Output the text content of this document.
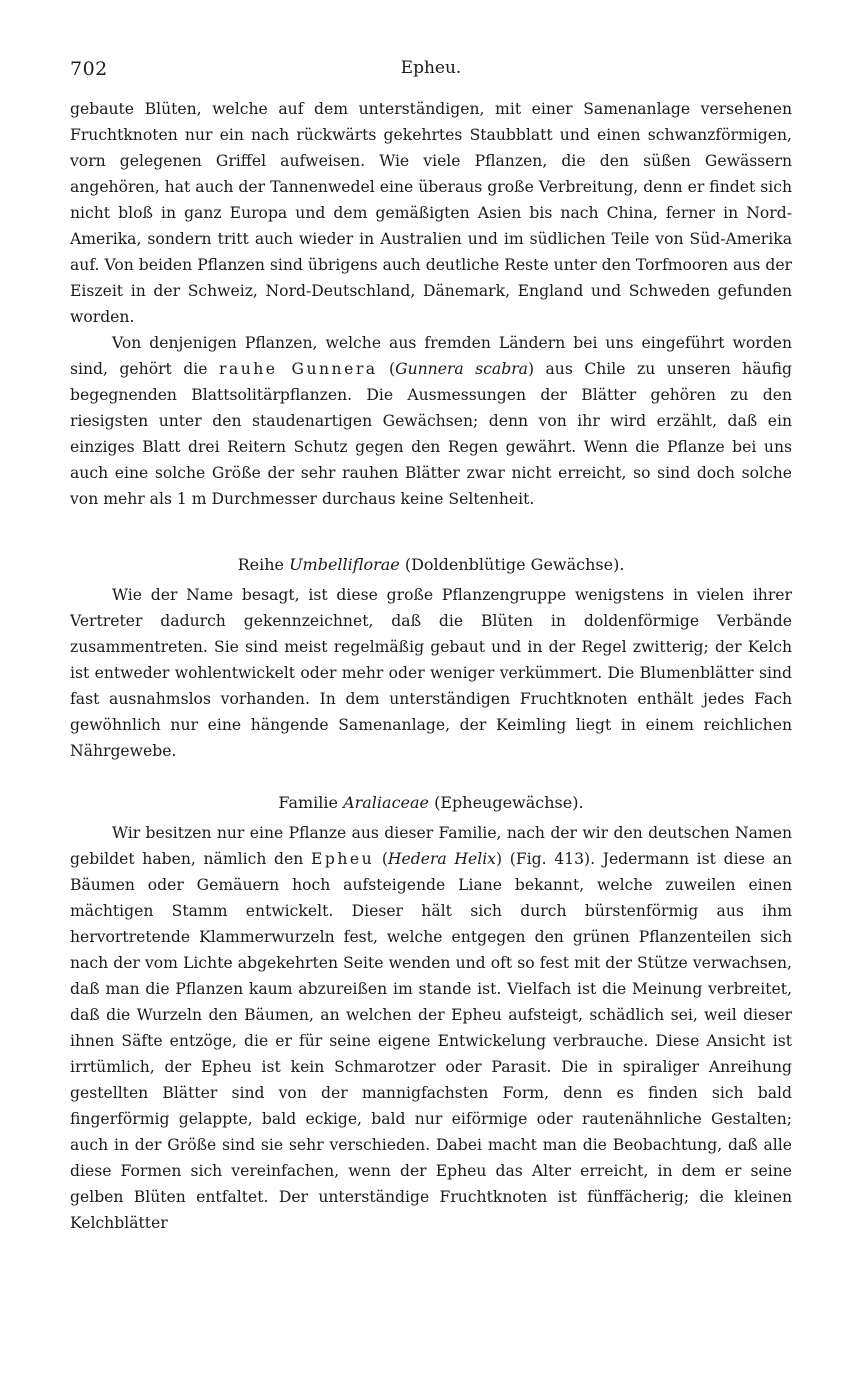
702	Epheu.

gebaute Blüten, welche auf dem unterständigen, mit einer Samenanlage versehenen Fruchtknoten nur ein nach rückwärts gekehrtes Staubblatt und einen schwanzförmigen, vorn gelegenen Griffel aufweisen. Wie viele Pflanzen, die den süßen Gewässern angehören, hat auch der Tannenwedel eine überaus große Verbreitung, denn er findet sich nicht bloß in ganz Europa und dem gemäßigten Asien bis nach China, ferner in Nord-Amerika, sondern tritt auch wieder in Australien und im südlichen Teile von Süd-Amerika auf. Von beiden Pflanzen sind übrigens auch deutliche Reste unter den Torfmooren aus der Eiszeit in der Schweiz, Nord-Deutschland, Dänemark, England und Schweden gefunden worden.

Von denjenigen Pflanzen, welche aus fremden Ländern bei uns eingeführt worden sind, gehört die rauhe Gunnera (Gunnera scabra) aus Chile zu unseren häufig begegnenden Blattsolitärpflanzen. Die Ausmessungen der Blätter gehören zu den riesigsten unter den staudenartigen Gewächsen; denn von ihr wird erzählt, daß ein einziges Blatt drei Reitern Schutz gegen den Regen gewährt. Wenn die Pflanze bei uns auch eine solche Größe der sehr rauhen Blätter zwar nicht erreicht, so sind doch solche von mehr als 1 m Durchmesser durchaus keine Seltenheit.

Reihe Umbelliflorae (Doldenblütige Gewächse).

Wie der Name besagt, ist diese große Pflanzengruppe wenigstens in vielen ihrer Vertreter dadurch gekennzeichnet, daß die Blüten in doldenförmige Verbände zusammentreten. Sie sind meist regelmäßig gebaut und in der Regel zwitterig; der Kelch ist entweder wohlentwickelt oder mehr oder weniger verkümmert. Die Blumenblätter sind fast ausnahmslos vorhanden. In dem unterständigen Fruchtknoten enthält jedes Fach gewöhnlich nur eine hängende Samenanlage, der Keimling liegt in einem reichlichen Nährgewebe.

Familie Araliaceae (Epheugewächse).

Wir besitzen nur eine Pflanze aus dieser Familie, nach der wir den deutschen Namen gebildet haben, nämlich den Epheu (Hedera Helix) (Fig. 413). Jedermann ist diese an Bäumen oder Gemäuern hoch aufsteigende Liane bekannt, welche zuweilen einen mächtigen Stamm entwickelt. Dieser hält sich durch bürstenförmig aus ihm hervortretende Klammerwurzeln fest, welche entgegen den grünen Pflanzenteilen sich nach der vom Lichte abgekehrten Seite wenden und oft so fest mit der Stütze verwachsen, daß man die Pflanzen kaum abzureißen im stande ist. Vielfach ist die Meinung verbreitet, daß die Wurzeln den Bäumen, an welchen der Epheu aufsteigt, schädlich sei, weil dieser ihnen Säfte entzöge, die er für seine eigene Entwickelung verbrauche. Diese Ansicht ist irrtümlich, der Epheu ist kein Schmarotzer oder Parasit. Die in spiraliger Anreihung gestellten Blätter sind von der mannigfachsten Form, denn es finden sich bald fingerförmig gelappte, bald eckige, bald nur eiförmige oder rautenähnliche Gestalten; auch in der Größe sind sie sehr verschieden. Dabei macht man die Beobachtung, daß alle diese Formen sich vereinfachen, wenn der Epheu das Alter erreicht, in dem er seine gelben Blüten entfaltet. Der unterständige Fruchtknoten ist fünffächerig; die kleinen Kelchblätter
